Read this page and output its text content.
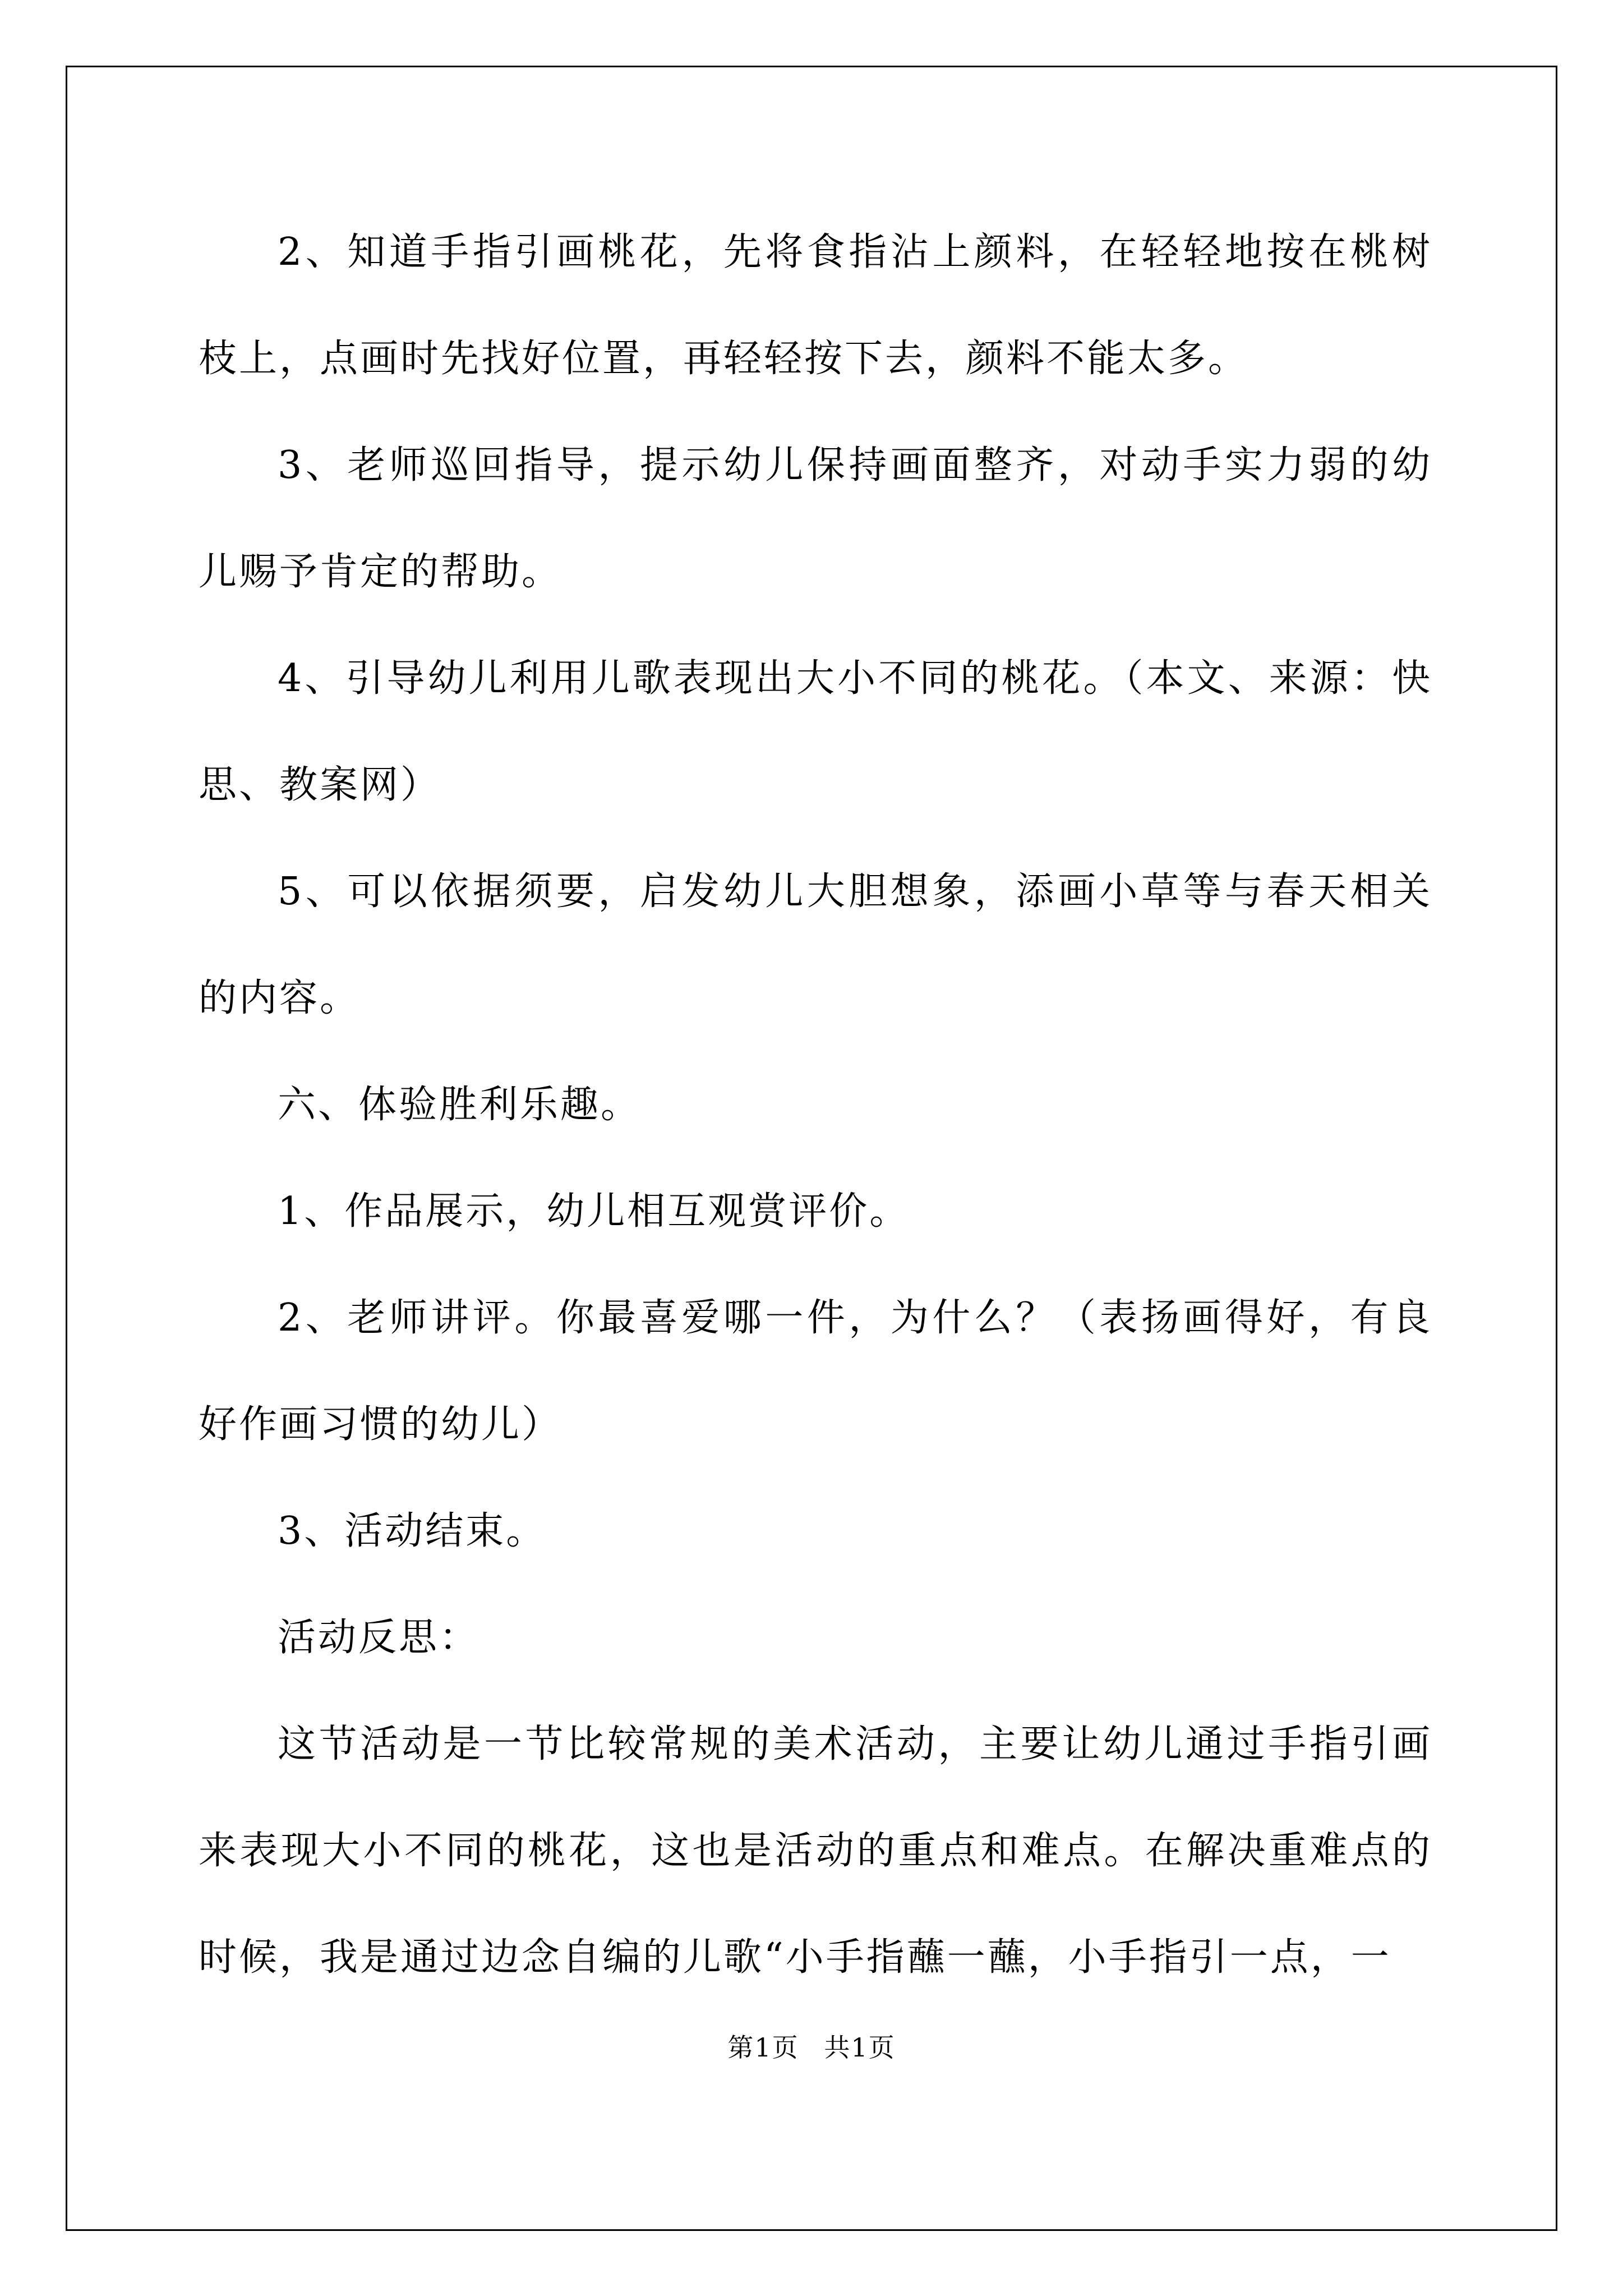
2、知道手指引画桃花，先将食指沾上颜料，在轻轻地按在桃树枝上，点画时先找好位置，再轻轻按下去，颜料不能太多。

3、老师巡回指导，提示幼儿保持画面整齐，对动手实力弱的幼儿赐予肯定的帮助。

4、引导幼儿利用儿歌表现出大小不同的桃花。（本文、来源：快思、教案网）

5、可以依据须要，启发幼儿大胆想象，添画小草等与春天相关的内容。

六、体验胜利乐趣。

1、作品展示，幼儿相互观赏评价。

2、老师讲评。你最喜爱哪一件，为什么？（表扬画得好，有良好作画习惯的幼儿）

3、活动结束。

活动反思：

这节活动是一节比较常规的美术活动，主要让幼儿通过手指引画来表现大小不同的桃花，这也是活动的重点和难点。在解决重难点的时候，我是通过边念自编的儿歌“小手指蘸一蘸，小手指引一点，一

第1页 共1页
